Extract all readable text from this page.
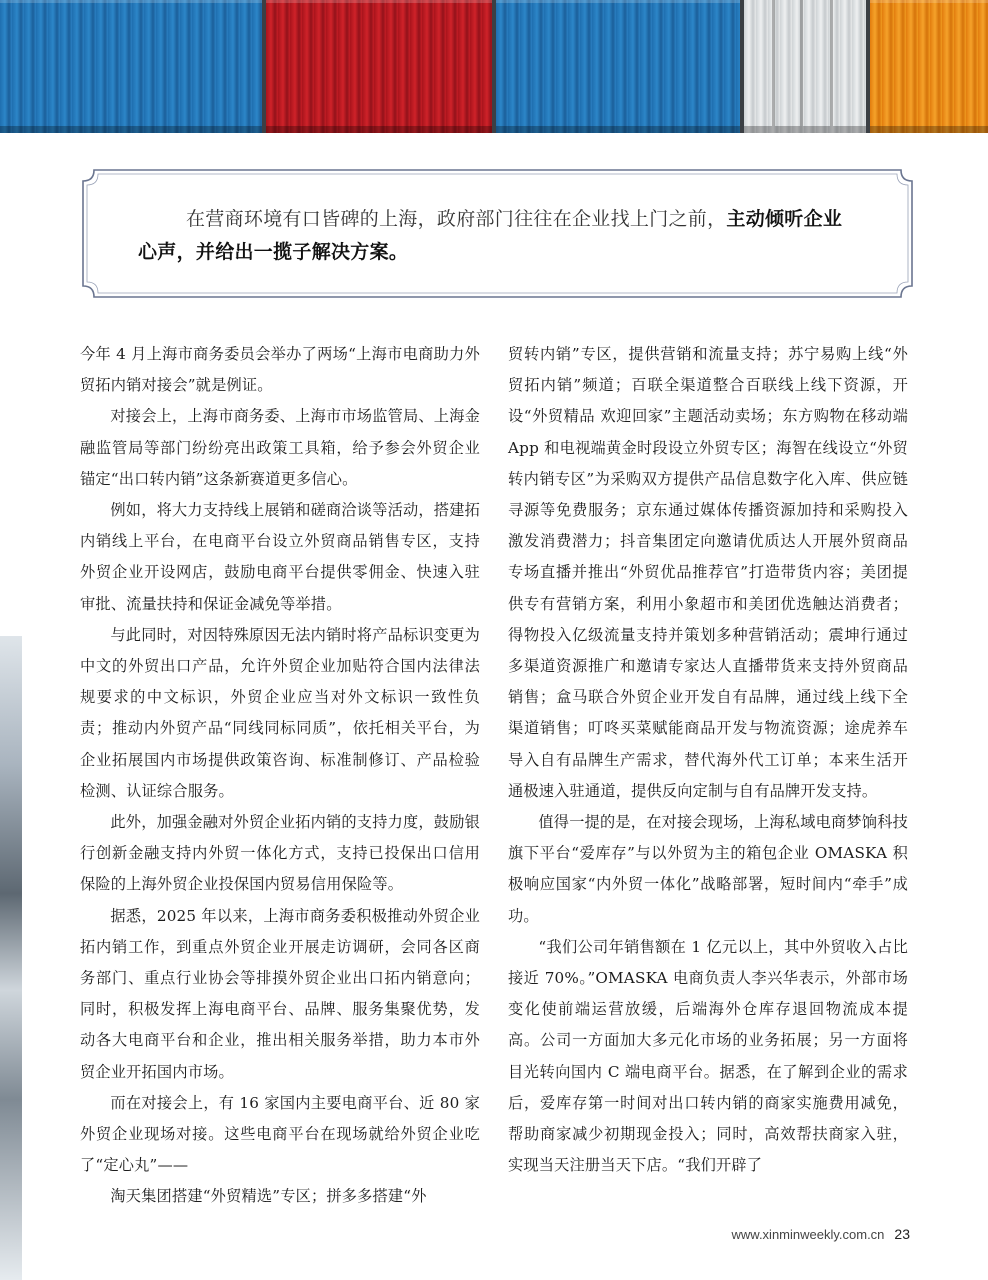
在营商环境有口皆碑的上海，政府部门往往在企业找上门之前，主动倾听企业心声，并给出一揽子解决方案。

今年 4 月上海市商务委员会举办了两场“上海市电商助力外贸拓内销对接会”就是例证。

对接会上，上海市商务委、上海市市场监管局、上海金融监管局等部门纷纷亮出政策工具箱，给予参会外贸企业锚定“出口转内销”这条新赛道更多信心。

例如，将大力支持线上展销和磋商洽谈等活动，搭建拓内销线上平台，在电商平台设立外贸商品销售专区，支持外贸企业开设网店，鼓励电商平台提供零佣金、快速入驻审批、流量扶持和保证金减免等举措。

与此同时，对因特殊原因无法内销时将产品标识变更为中文的外贸出口产品，允许外贸企业加贴符合国内法律法规要求的中文标识，外贸企业应当对外文标识一致性负责；推动内外贸产品“同线同标同质”，依托相关平台，为企业拓展国内市场提供政策咨询、标准制修订、产品检验检测、认证综合服务。

此外，加强金融对外贸企业拓内销的支持力度，鼓励银行创新金融支持内外贸一体化方式，支持已投保出口信用保险的上海外贸企业投保国内贸易信用保险等。

据悉，2025 年以来，上海市商务委积极推动外贸企业拓内销工作，到重点外贸企业开展走访调研，会同各区商务部门、重点行业协会等排摸外贸企业出口拓内销意向；同时，积极发挥上海电商平台、品牌、服务集聚优势，发动各大电商平台和企业，推出相关服务举措，助力本市外贸企业开拓国内市场。

而在对接会上，有 16 家国内主要电商平台、近 80 家外贸企业现场对接。这些电商平台在现场就给外贸企业吃了“定心丸”——

淘天集团搭建“外贸精选”专区；拼多多搭建“外

贸转内销”专区，提供营销和流量支持；苏宁易购上线“外贸拓内销”频道；百联全渠道整合百联线上线下资源，开设“外贸精品 欢迎回家”主题活动卖场；东方购物在移动端 App 和电视端黄金时段设立外贸专区；海智在线设立“外贸转内销专区”为采购双方提供产品信息数字化入库、供应链寻源等免费服务；京东通过媒体传播资源加持和采购投入激发消费潜力；抖音集团定向邀请优质达人开展外贸商品专场直播并推出“外贸优品推荐官”打造带货内容；美团提供专有营销方案，利用小象超市和美团优选触达消费者；得物投入亿级流量支持并策划多种营销活动；震坤行通过多渠道资源推广和邀请专家达人直播带货来支持外贸商品销售；盒马联合外贸企业开发自有品牌，通过线上线下全渠道销售；叮咚买菜赋能商品开发与物流资源；途虎养车导入自有品牌生产需求，替代海外代工订单；本来生活开通极速入驻通道，提供反向定制与自有品牌开发支持。

值得一提的是，在对接会现场，上海私域电商梦饷科技旗下平台“爱库存”与以外贸为主的箱包企业 OMASKA 积极响应国家“内外贸一体化”战略部署，短时间内“牵手”成功。

“我们公司年销售额在 1 亿元以上，其中外贸收入占比接近 70%。”OMASKA 电商负责人李兴华表示，外部市场变化使前端运营放缓，后端海外仓库存退回物流成本提高。公司一方面加大多元化市场的业务拓展；另一方面将目光转向国内 C 端电商平台。据悉，在了解到企业的需求后，爱库存第一时间对出口转内销的商家实施费用减免，帮助商家减少初期现金投入；同时，高效帮扶商家入驻，实现当天注册当天下店。“我们开辟了

www.xinminweekly.com.cn 23
